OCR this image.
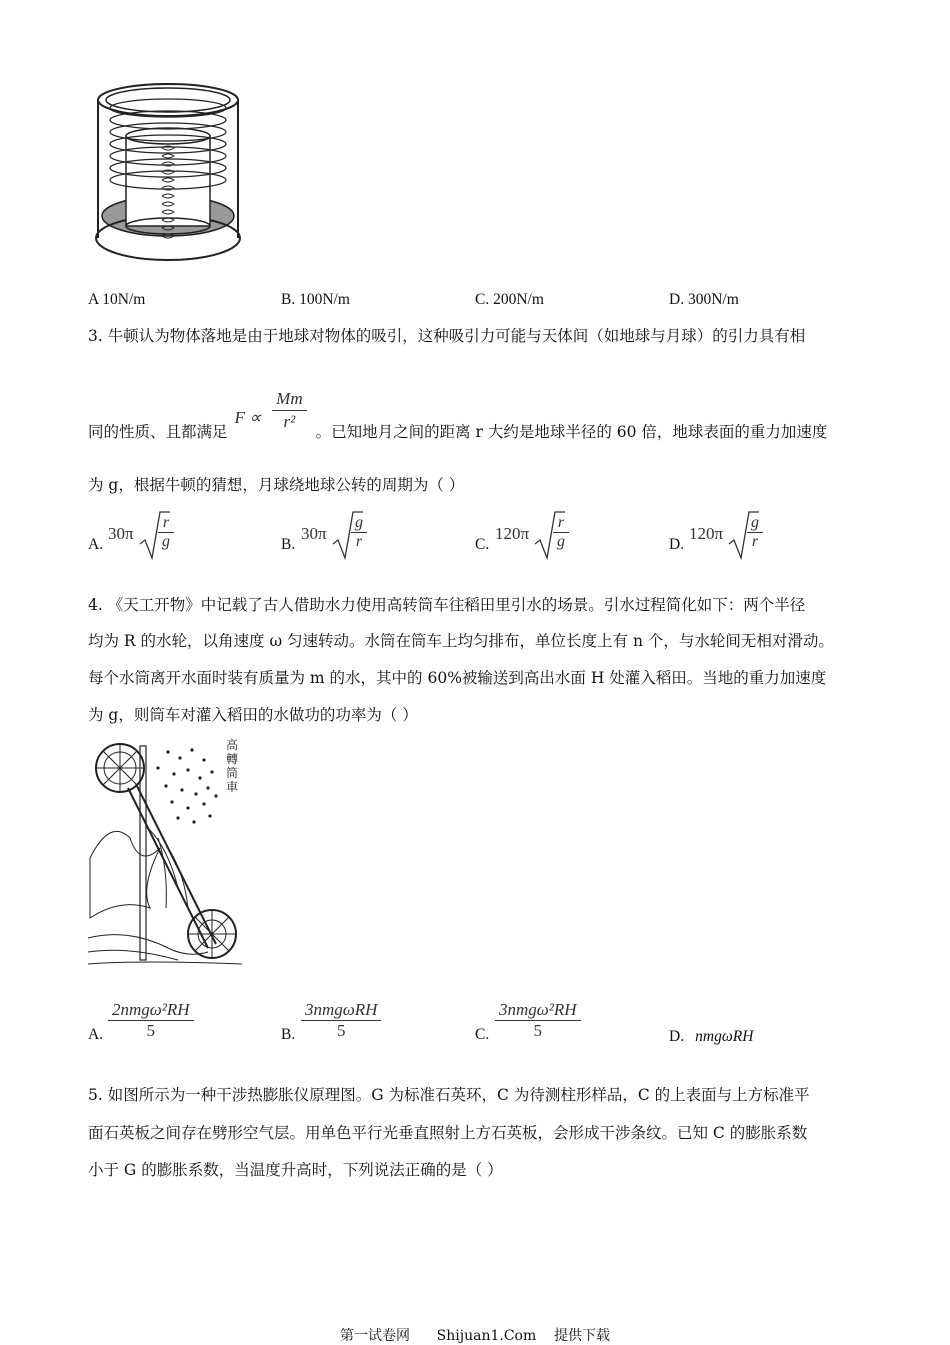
A 10N/m	B. 100N/m	C. 200N/m	D. 300N/m
3. 牛顿认为物体落地是由于地球对物体的吸引，这种吸引力可能与天体间（如地球与月球）的引力具有相
同的性质、且都满足 $F \propto \frac{Mm}{\text{r²}}$ 。已知地月之间的距离 r 大约是地球半径的 60 倍，地球表面的重力加速度
为 g，根据牛顿的猜想，月球绕地球公转的周期为（ ）
A.
$30\pi \frac{r}{g}$	B.
$30\pi \frac{g}{r}$	C.
$120\pi \frac{r}{g}$	D.
$120\pi \frac{g}{r}$
4. 《天工开物》中记载了古人借助水力使用高转筒车往稻田里引水的场景。引水过程简化如下：两个半径
均为 R 的水轮，以角速度 ω 匀速转动。水筒在筒车上均匀排布，单位长度上有 n 个，与水轮间无相对滑动。
每个水筒离开水面时装有质量为 m 的水，其中的 60%被输送到高出水面 H 处灌入稻田。当地的重力加速度
为 g，则筒车对灌入稻田的水做功的功率为（ ）
高轉筒車
A.
2nmgω²RH
5	B.
3nmgωRH
5	C.
3nmgω²RH
5	D. nmgωRH
5. 如图所示为一种干涉热膨胀仪原理图。G 为标准石英环，C 为待测柱形样品，C 的上表面与上方标准平
面石英板之间存在劈形空气层。用单色平行光垂直照射上方石英板，会形成干涉条纹。已知 C 的膨胀系数
小于 G 的膨胀系数，当温度升高时，下列说法正确的是（ ）
第一试卷网      Shijuan1.Com    提供下载
